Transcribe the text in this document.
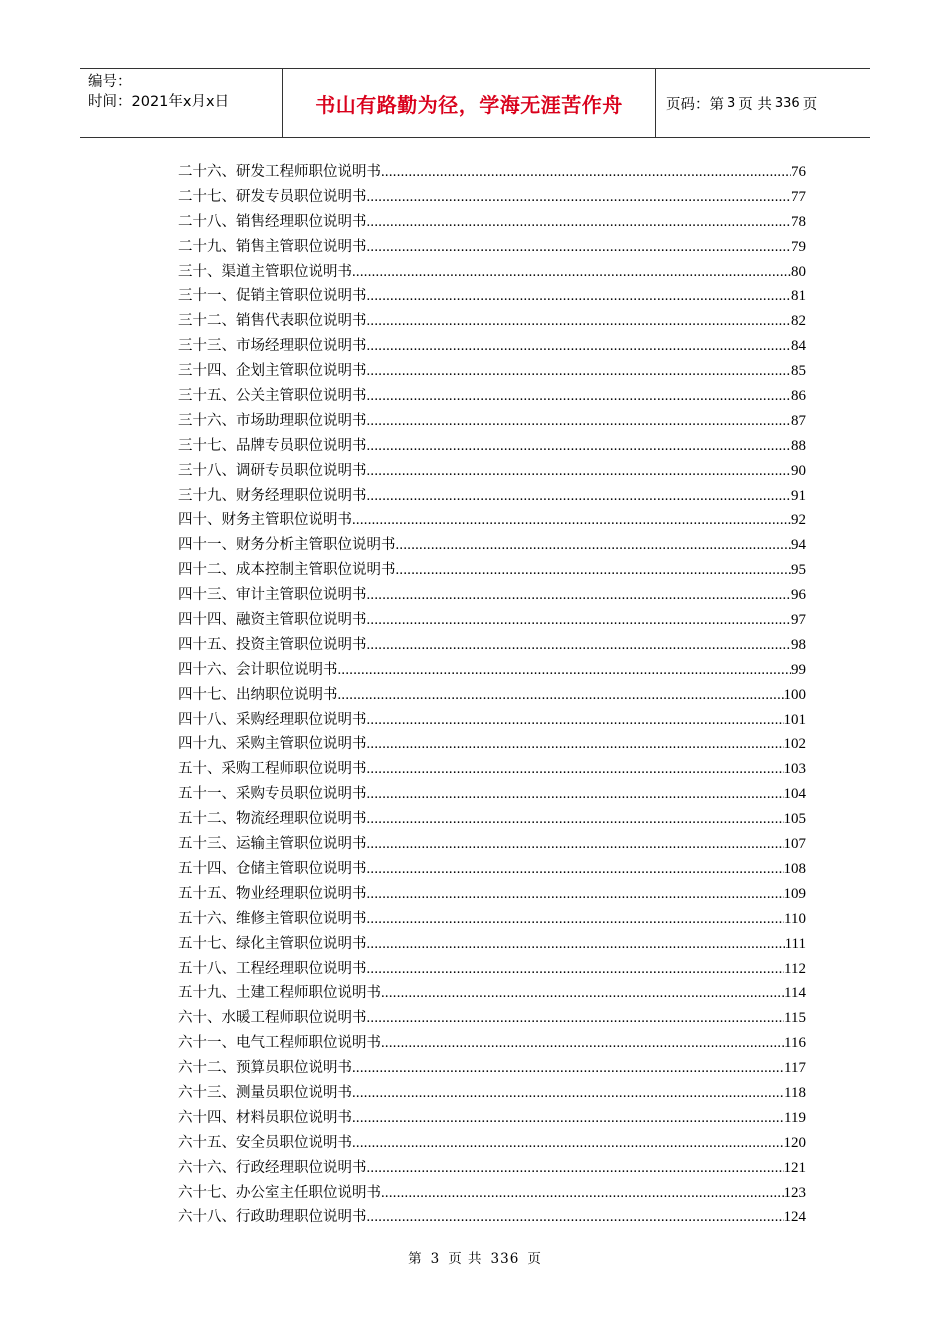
编号：
时间：2021年x月x日	书山有路勤为径，学海无涯苦作舟	页码：第 3 页 共 336 页
二十六、研发工程师职位说明书 .....	76
二十七、研发专员职位说明书 .....	77
二十八、销售经理职位说明书 .....	78
二十九、销售主管职位说明书 .....	79
三十、渠道主管职位说明书 .....	80
三十一、促销主管职位说明书 .....	81
三十二、销售代表职位说明书 .....	82
三十三、市场经理职位说明书 .....	84
三十四、企划主管职位说明书 .....	85
三十五、公关主管职位说明书 .....	86
三十六、市场助理职位说明书 .....	87
三十七、品牌专员职位说明书 .....	88
三十八、调研专员职位说明书 .....	90
三十九、财务经理职位说明书 .....	91
四十、财务主管职位说明书 .....	92
四十一、财务分析主管职位说明书 .....	94
四十二、成本控制主管职位说明书 .....	95
四十三、审计主管职位说明书 .....	96
四十四、融资主管职位说明书 .....	97
四十五、投资主管职位说明书 .....	98
四十六、会计职位说明书 .....	99
四十七、出纳职位说明书 .....	100
四十八、采购经理职位说明书 .....	101
四十九、采购主管职位说明书 .....	102
五十、采购工程师职位说明书 .....	103
五十一、采购专员职位说明书 .....	104
五十二、物流经理职位说明书 .....	105
五十三、运输主管职位说明书 .....	107
五十四、仓储主管职位说明书 .....	108
五十五、物业经理职位说明书 .....	109
五十六、维修主管职位说明书 .....	110
五十七、绿化主管职位说明书 .....	111
五十八、工程经理职位说明书 .....	112
五十九、土建工程师职位说明书 .....	114
六十、水暖工程师职位说明书 .....	115
六十一、电气工程师职位说明书 .....	116
六十二、预算员职位说明书 .....	117
六十三、测量员职位说明书 .....	118
六十四、材料员职位说明书 .....	119
六十五、安全员职位说明书 .....	120
六十六、行政经理职位说明书 .....	121
六十七、办公室主任职位说明书 .....	123
六十八、行政助理职位说明书 .....	124
第 3 页 共 336 页
